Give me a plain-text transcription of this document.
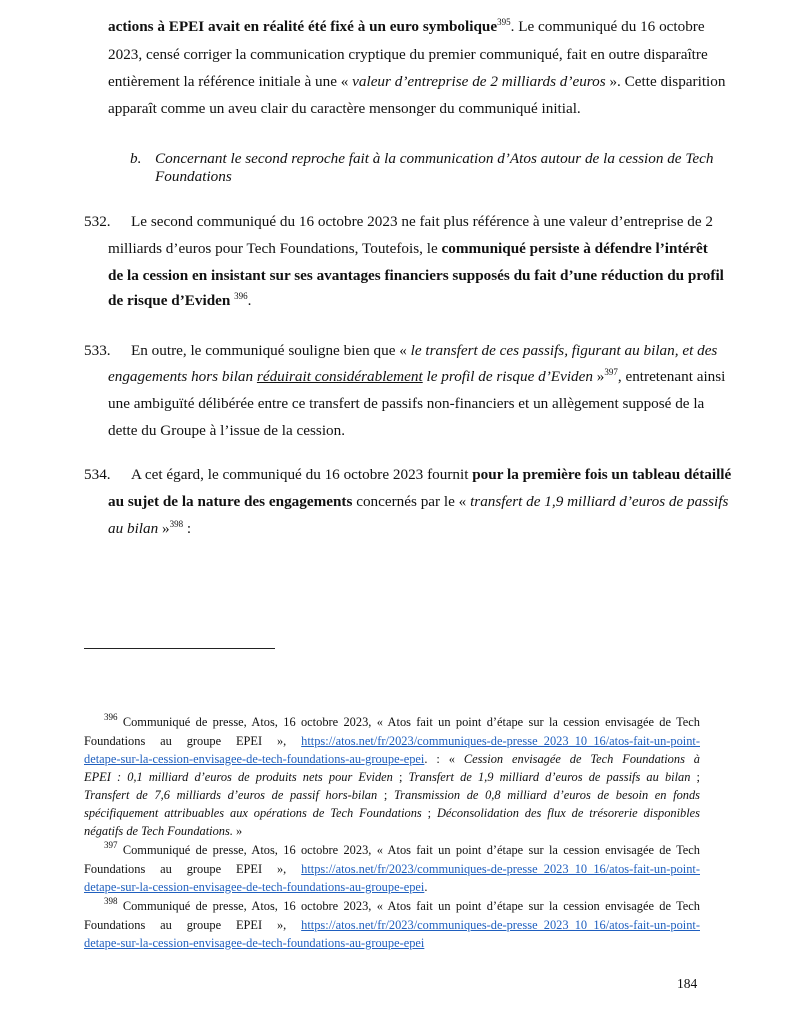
actions à EPEI avait en réalité été fixé à un euro symbolique$^{395}$. Le communiqué du 16 octobre
2023, censé corriger la communication cryptique du premier communiqué, fait en outre disparaître
entièrement la référence initiale à une « valeur d’entreprise de 2 milliards d’euros ». Cette disparition
apparaît comme un aveu clair du caractère mensonger du communiqué initial.
b. Concernant le second reproche fait à la communication d’Atos autour de la cession de Tech
Foundations
532. Le second communiqué du 16 octobre 2023 ne fait plus référence à une valeur d’entreprise de 2
milliards d’euros pour Tech Foundations, Toutefois, le communiqué persiste à défendre l’intérêt
de la cession en insistant sur ses avantages financiers supposés du fait d’une réduction du profil
de risque d’Eviden $^{396}$.
533. En outre, le communiqué souligne bien que « le transfert de ces passifs, figurant au bilan, et des
engagements hors bilan réduirait considérablement le profil de risque d’Eviden »$^{397}$, entretenant ainsi
une ambiguïté délibérée entre ce transfert de passifs non-financiers et un allègement supposé de la
dette du Groupe à l’issue de la cession.
534. A cet égard, le communiqué du 16 octobre 2023 fournit pour la première fois un tableau détaillé
au sujet de la nature des engagements concernés par le « transfert de 1,9 milliard d’euros de passifs
au bilan »$^{398}$ :
$^{396}$ Communiqué de presse, Atos, 16 octobre 2023, « Atos fait un point d’étape sur la cession envisagée de Tech
Foundations au groupe EPEI », https://atos.net/fr/2023/communiques-de-presse_2023_10_16/atos-fait-un-point-
detape-sur-la-cession-envisagee-de-tech-foundations-au-groupe-epei. : « Cession envisagée de Tech Foundations à
EPEI : 0,1 milliard d’euros de produits nets pour Eviden ; Transfert de 1,9 milliard d’euros de passifs au bilan ;
Transfert de 7,6 milliards d’euros de passif hors-bilan ; Transmission de 0,8 milliard d’euros de besoin en fonds
spécifiquement attribuables aux opérations de Tech Foundations ; Déconsolidation des flux de trésorerie disponibles
négatifs de Tech Foundations. »
$^{397}$ Communiqué de presse, Atos, 16 octobre 2023, « Atos fait un point d’étape sur la cession envisagée de Tech
Foundations au groupe EPEI », https://atos.net/fr/2023/communiques-de-presse_2023_10_16/atos-fait-un-point-
detape-sur-la-cession-envisagee-de-tech-foundations-au-groupe-epei.
$^{398}$ Communiqué de presse, Atos, 16 octobre 2023, « Atos fait un point d’étape sur la cession envisagée de Tech
Foundations au groupe EPEI », https://atos.net/fr/2023/communiques-de-presse_2023_10_16/atos-fait-un-point-
detape-sur-la-cession-envisagee-de-tech-foundations-au-groupe-epei
184
